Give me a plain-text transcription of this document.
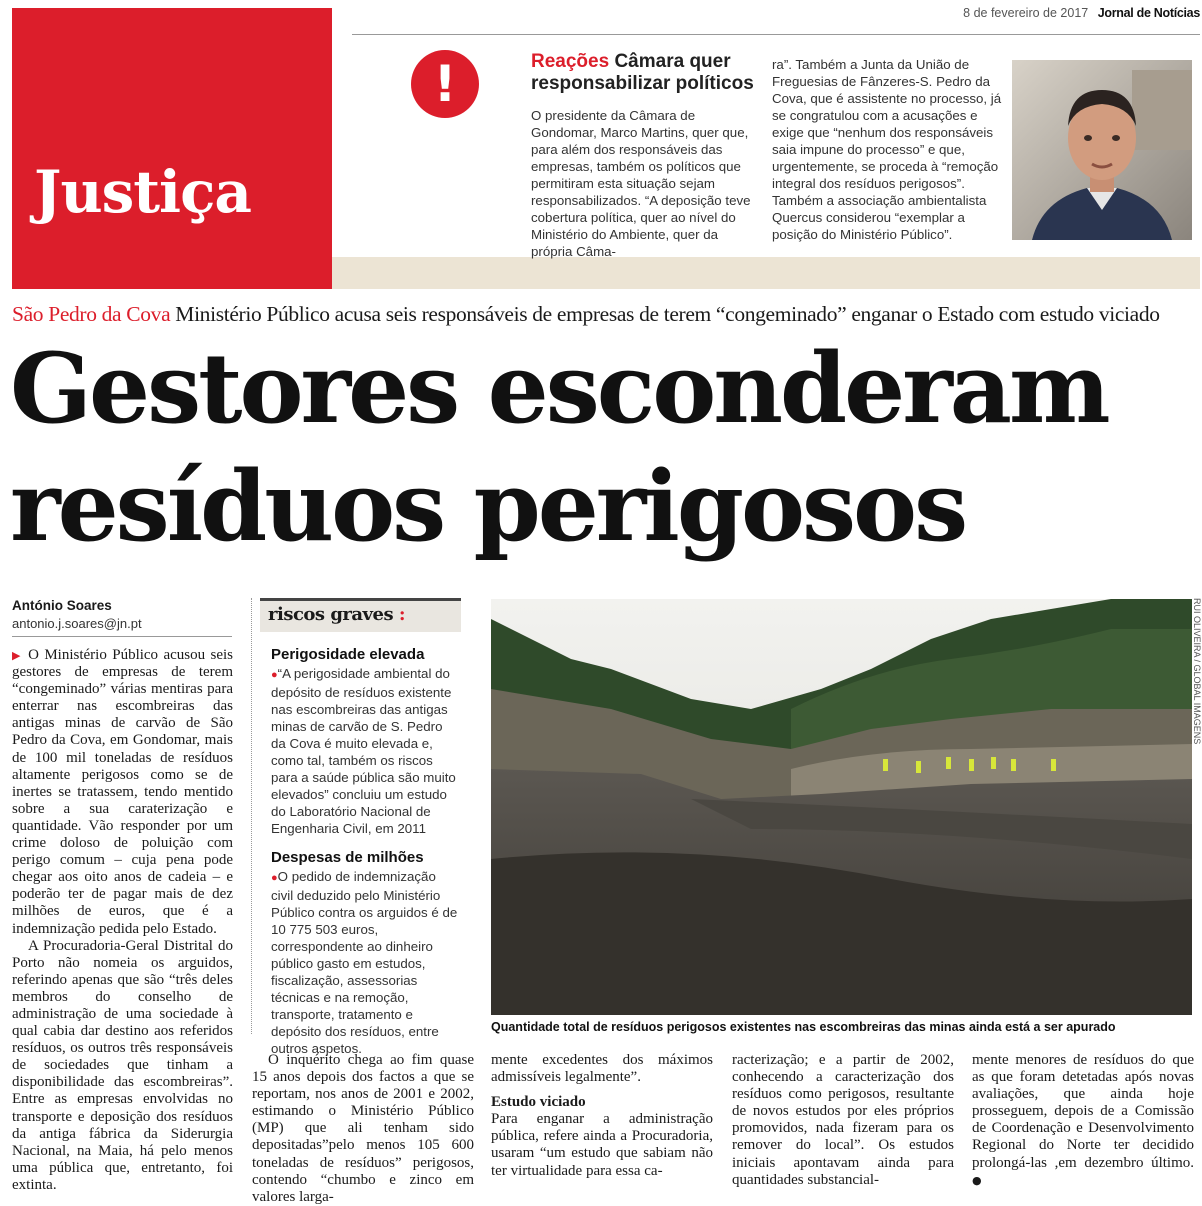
8 de fevereiro de 2017 Jornal de Notícias
Justiça
!	Reações Câmara quer responsabilizar políticos
O presidente da Câmara de Gondomar, Marco Martins, quer que, para além dos responsáveis das empresas, também os políticos que permitiram esta situação sejam responsabilizados. “A deposição teve cobertura política, quer ao nível do Ministério do Ambiente, quer da própria Câma-
ra”. Também a Junta da União de Freguesias de Fânzeres-S. Pedro da Cova, que é assistente no processo, já se congratulou com a acusações e exige que “nenhum dos responsáveis saia impune do processo” e que, urgentemente, se proceda à “remoção integral dos resíduos perigosos”. Também a associação ambientalista Quercus considerou “exemplar a posição do Ministério Público”.
São Pedro da Cova Ministério Público acusa seis responsáveis de empresas de terem “congeminado” enganar o Estado com estudo viciado
Gestores esconderam
resíduos perigosos
António Soares
antonio.j.soares@jn.pt

▶ O Ministério Público acusou seis gestores de empresas de terem “congeminado” várias mentiras para enterrar nas escombreiras das antigas minas de carvão de São Pedro da Cova, em Gondomar, mais de 100 mil toneladas de resíduos altamente perigosos como se de inertes se tratassem, tendo mentido sobre a sua caraterização e quantidade. Vão responder por um crime doloso de poluição com perigo comum – cuja pena pode chegar aos oito anos de cadeia – e poderão ter de pagar mais de dez milhões de euros, que é a indemnização pedida pelo Estado.

A Procuradoria-Geral Distrital do Porto não nomeia os arguidos, referindo apenas que são “três deles membros do conselho de administração de uma sociedade à qual cabia dar destino aos referidos resíduos, os outros três responsáveis de sociedades que tinham a disponibilidade das escombreiras”. Entre as empresas envolvidas no transporte e deposição dos resíduos da antiga fábrica da Siderurgia Nacional, na Maia, há pelo menos uma pública que, entretanto, foi extinta.

riscos graves :
Perigosidade elevada
●“A perigosidade ambiental do depósito de resíduos existente nas escombreiras das antigas minas de carvão de S. Pedro da Cova é muito elevada e, como tal, também os riscos para a saúde pública são muito elevados” concluiu um estudo do Laboratório Nacional de Engenharia Civil, em 2011
Despesas de milhões
●O pedido de indemnização civil deduzido pelo Ministério Público contra os arguidos é de 10 775 503 euros, correspondente ao dinheiro público gasto em estudos, fiscalização, assessorias técnicas e na remoção, transporte, tratamento e depósito dos resíduos, entre outros aspetos.
RUI OLIVEIRA / GLOBAL IMAGENS
Quantidade total de resíduos perigosos existentes nas escombreiras das minas ainda está a ser apurado

O inquérito chega ao fim quase 15 anos depois dos factos a que se reportam, nos anos de 2001 e 2002, estimando o Ministério Público (MP) que ali tenham sido depositadas”pelo menos 105 600 toneladas de resíduos” perigosos, contendo “chumbo e zinco em valores larga-

mente excedentes dos máximos admissíveis legalmente”.

Estudo viciado

Para enganar a administração pública, refere ainda a Procuradoria, usaram “um estudo que sabiam não ter virtualidade para essa ca-

racterização; e a partir de 2002, conhecendo a caracterização dos resíduos como perigosos, resultante de novos estudos por eles próprios promovidos, nada fizeram para os remover do local”. Os estudos iniciais apontavam ainda para quantidades substancial-

mente menores de resíduos do que as que foram detetadas após novas avaliações, que ainda hoje prosseguem, depois de a Comissão de Coordenação e Desenvolvimento Regional do Norte ter decidido prolongá-las ,em dezembro último. ●
